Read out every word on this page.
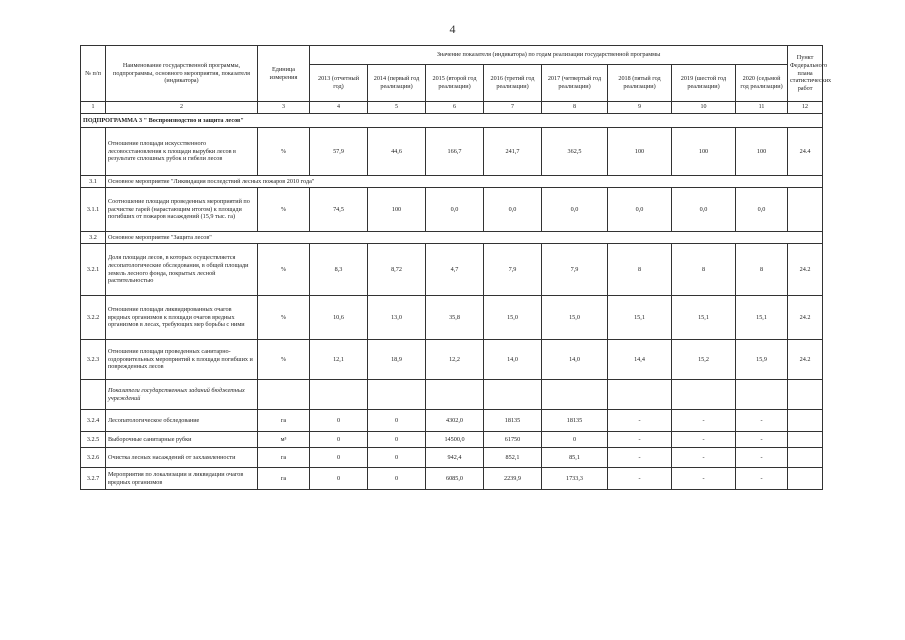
4
№ п/п	Наименование государственной программы, подпрограммы, основного мероприятия, показателя (индикатора)	Единица измерения	Значение показателя (индикатора) по годам реализации государственной программы								Пункт Федерального плана статистических работ
			2013 (отчетный год)	2014 (первый год реализации)	2015 (второй год реализации)	2016 (третий год реализации)	2017 (четвертый год реализации)	2018 (пятый год реализации)	2019 (шестой год реализации)	2020 (седьмой год реализации)	
1	2	3	4	5	6	7	8	9	10	11	12
ПОДПРОГРАММА 3 " Воспроизводство и защита лесов"											
	Отношение площади искусственного лесовосстановления к площади вырубки лесов в результате сплошных рубок и гибели лесов	%	57,9	44,6	166,7	241,7	362,5	100	100	100	24.4
3.1	Основное мероприятие "Ликвидация последствий лесных пожаров 2010 года"										
3.1.1	Соотношение площади проведенных мероприятий по расчистке гарей (нарастающим итогом) к площади погибших от пожаров насаждений (15,9 тыс. га)	%	74,5	100	0,0	0,0	0,0	0,0	0,0	0,0	
3.2	Основное мероприятие "Защита лесов"										
3.2.1	Доля площади лесов, в которых осуществляется лесопатологические обследования, в общей площади земель лесного фонда, покрытых лесной растительностью	%	8,3	8,72	4,7	7,9	7,9	8	8	8	24.2
3.2.2	Отношение площади ликвидированных очагов вредных организмов к площади очагов вредных организмов в лесах, требующих мер борьбы с ними	%	10,6	13,0	35,8	15,0	15,0	15,1	15,1	15,1	24.2
3.2.3	Отношение площади проведенных санитарно-оздоровительных мероприятий к площади погибших и поврежденных лесов	%	12,1	18,9	12,2	14,0	14,0	14,4	15,2	15,9	24.2
	Показатели государственных заданий бюджетных учреждений										
3.2.4	Лесопатологическое обследование	га	0	0	4302,0	18135	18135	-	-	-	
3.2.5	Выборочные санитарные рубки	м³	0	0	14500,0	61750	0	-	-	-	
3.2.6	Очистка лесных насаждений от захламленности	га	0	0	942,4	852,1	85,1	-	-	-	
3.2.7	Мероприятия по локализации и ликвидации очагов вредных организмов	га	0	0	6085,0	2239,9	1733,3	-	-	-	
